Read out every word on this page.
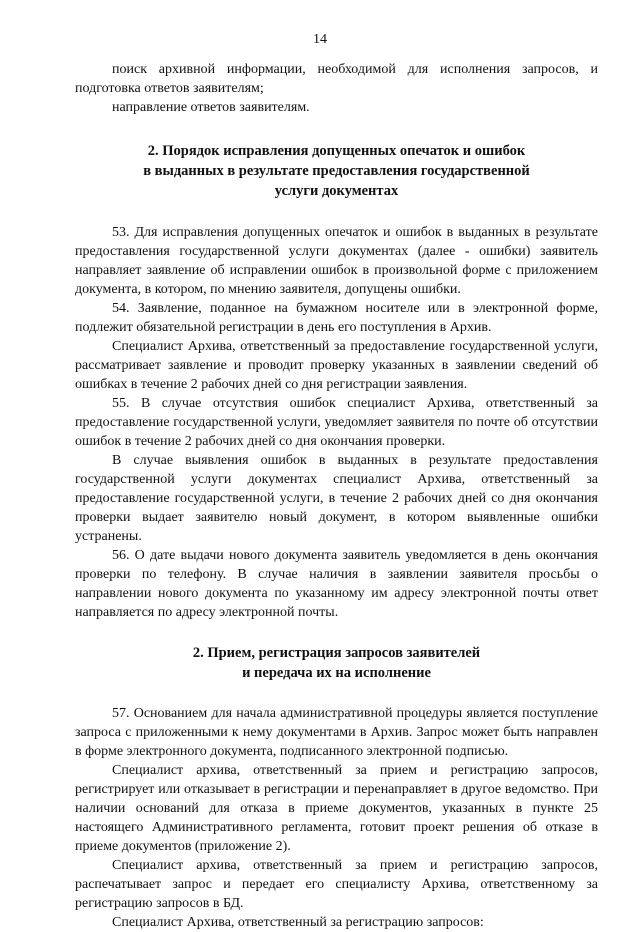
14

поиск архивной информации, необходимой для исполнения запросов, и подготовка ответов заявителям;

направление ответов заявителям.

2. Порядок исправления допущенных опечаток и ошибок
в выданных в результате предоставления государственной
услуги документах

53. Для исправления допущенных опечаток и ошибок в выданных в результате предоставления государственной услуги документах (далее - ошибки) заявитель направляет заявление об исправлении ошибок в произвольной форме с приложением документа, в котором, по мнению заявителя, допущены ошибки.

54. Заявление, поданное на бумажном носителе или в электронной форме, подлежит обязательной регистрации в день его поступления в Архив.

Специалист Архива, ответственный за предоставление государственной услуги, рассматривает заявление и проводит проверку указанных в заявлении сведений об ошибках в течение 2 рабочих дней со дня регистрации заявления.

55. В случае отсутствия ошибок специалист Архива, ответственный за предоставление государственной услуги, уведомляет заявителя по почте об отсутствии ошибок в течение 2 рабочих дней со дня окончания проверки.

В случае выявления ошибок в выданных в результате предоставления государственной услуги документах специалист Архива, ответственный за предоставление государственной услуги, в течение 2 рабочих дней со дня окончания проверки выдает заявителю новый документ, в котором выявленные ошибки устранены.

56. О дате выдачи нового документа заявитель уведомляется в день окончания проверки по телефону. В случае наличия в заявлении заявителя просьбы о направлении нового документа по указанному им адресу электронной почты ответ направляется по адресу электронной почты.

2. Прием, регистрация запросов заявителей
и передача их на исполнение

57. Основанием для начала административной процедуры является поступление запроса с приложенными к нему документами в Архив. Запрос может быть направлен в форме электронного документа, подписанного электронной подписью.

Специалист архива, ответственный за прием и регистрацию запросов, регистрирует или отказывает в регистрации и перенаправляет в другое ведомство. При наличии оснований для отказа в приеме документов, указанных в пункте 25 настоящего Административного регламента, готовит проект решения об отказе в приеме документов (приложение 2).

Специалист архива, ответственный за прием и регистрацию запросов, распечатывает запрос и передает его специалисту Архива, ответственному за регистрацию запросов в БД.

Специалист Архива, ответственный за регистрацию запросов:
